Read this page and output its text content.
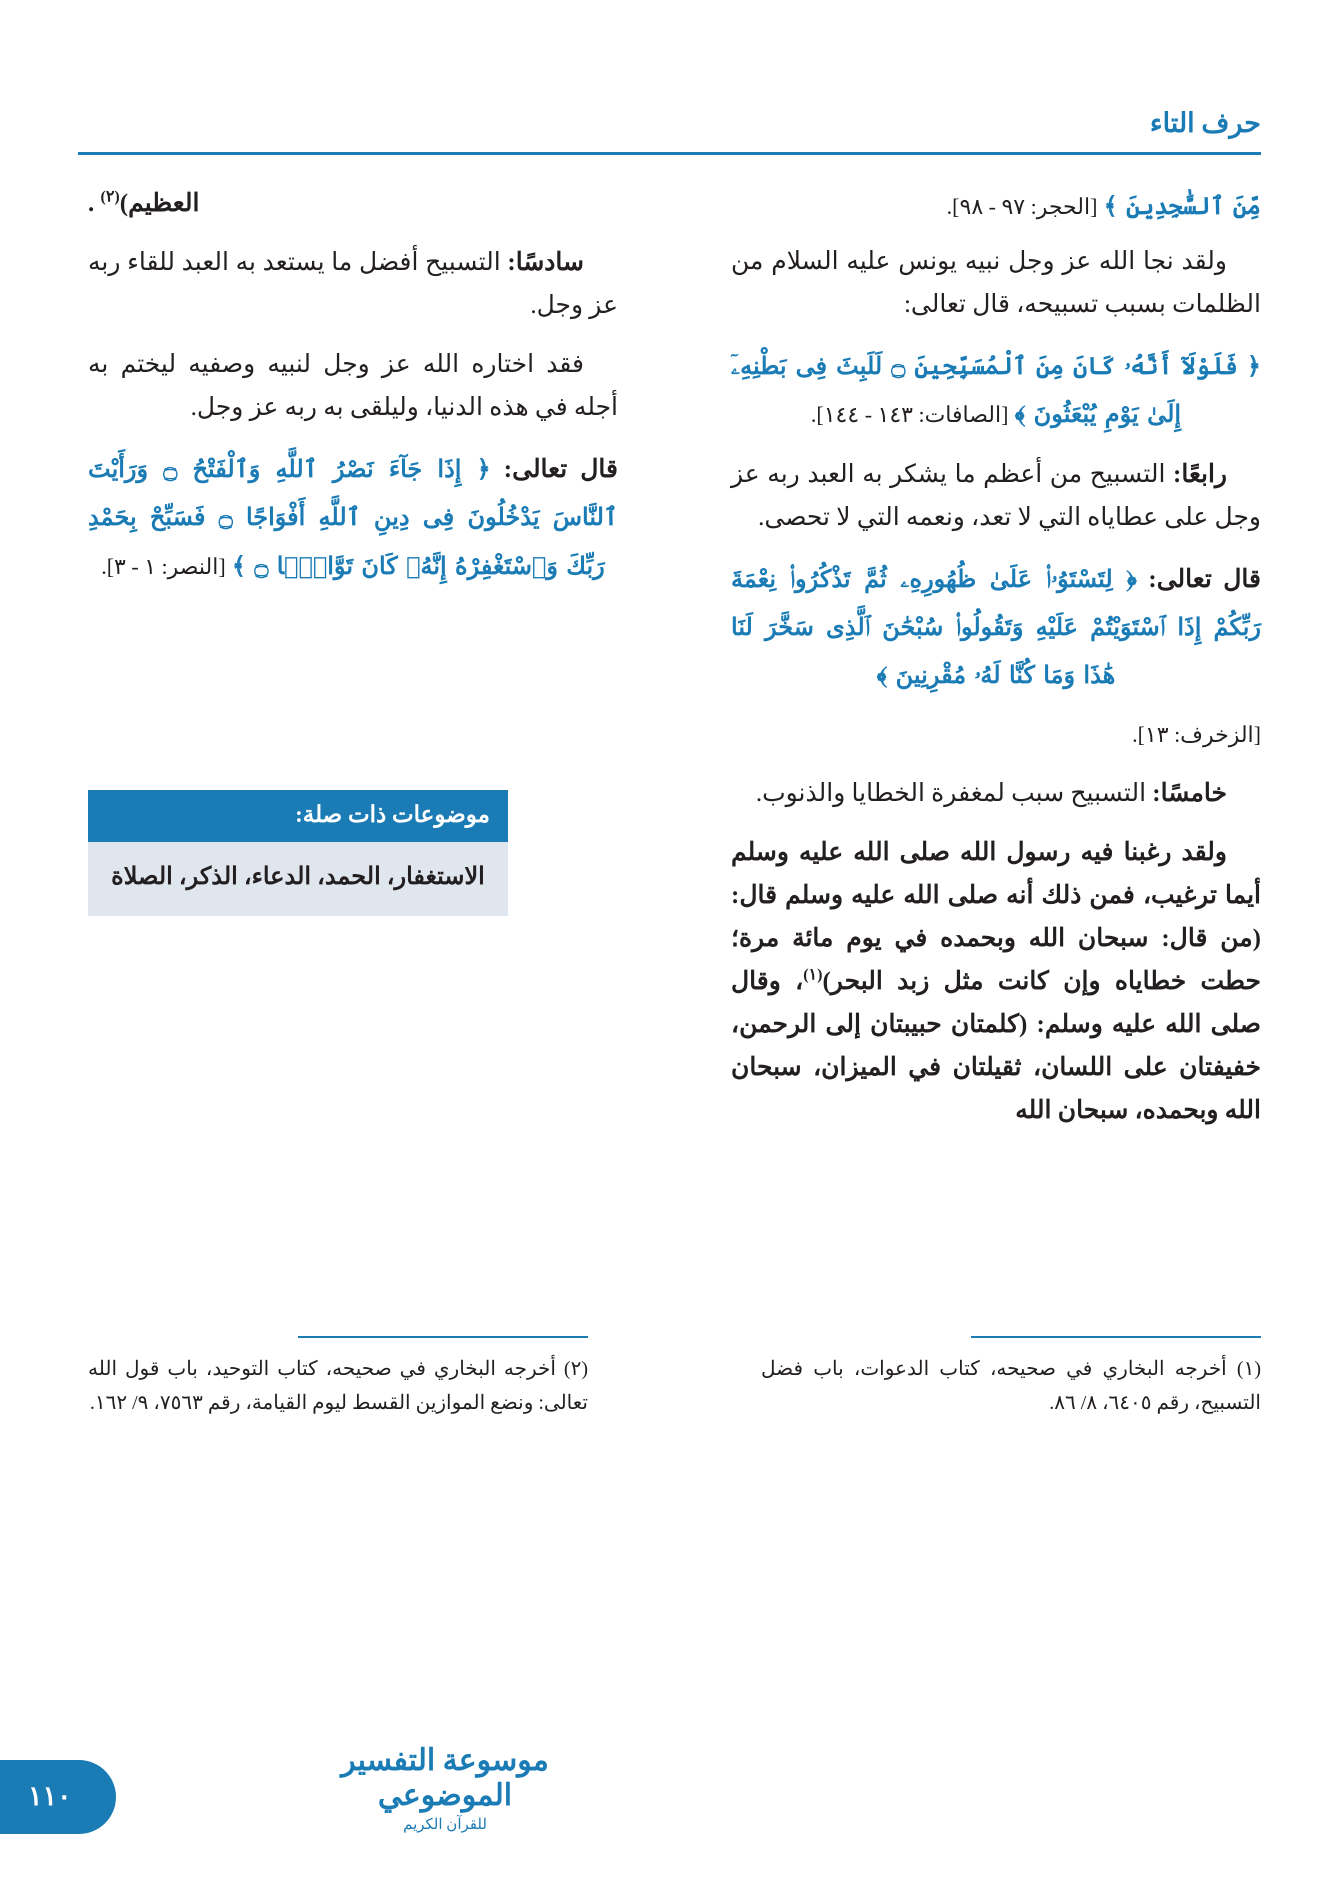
حرف التاء

مِّنَ ٱلسَّٰجِدِينَ ﴾ [الحجر: ٩٧ - ٩٨].

ولقد نجا الله عز وجل نبيه يونس عليه السلام من الظلمات بسبب تسبيحه، قال تعالى:

﴿ فَلَوْلَآ أَنَّهُۥ كَانَ مِنَ ٱلْمُسَبِّحِينَ ۝ لَلَبِثَ فِى بَطْنِهِۦٓ إِلَىٰ يَوْمِ يُبْعَثُونَ ﴾ [الصافات: ١٤٣ - ١٤٤].

رابعًا: التسبيح من أعظم ما يشكر به العبد ربه عز وجل على عطاياه التي لا تعد، ونعمه التي لا تحصى.

قال تعالى: ﴿ لِتَسْتَوُۥا۟ عَلَىٰ ظُهُورِهِۦ ثُمَّ تَذْكُرُوا۟ نِعْمَةَ رَبِّكُمْ إِذَا ٱسْتَوَيْتُمْ عَلَيْهِ وَتَقُولُوا۟ سُبْحَٰنَ ٱلَّذِى سَخَّرَ لَنَا هَٰذَا وَمَا كُنَّا لَهُۥ مُقْرِنِينَ ﴾

[الزخرف: ١٣].

خامسًا: التسبيح سبب لمغفرة الخطايا والذنوب.

ولقد رغبنا فيه رسول الله صلى الله عليه وسلم أيما ترغيب، فمن ذلك أنه صلى الله عليه وسلم قال: (من قال: سبحان الله وبحمده في يوم مائة مرة؛ حطت خطاياه وإن كانت مثل زبد البحر)$^{(١)}$، وقال صلى الله عليه وسلم: (كلمتان حبيبتان إلى الرحمن، خفيفتان على اللسان، ثقيلتان في الميزان، سبحان الله وبحمده، سبحان الله

العظيم)$^{(٢)}$ .

سادسًا: التسبيح أفضل ما يستعد به العبد للقاء ربه عز وجل.

فقد اختاره الله عز وجل لنبيه وصفيه ليختم به أجله في هذه الدنيا، وليلقى به ربه عز وجل.

قال تعالى: ﴿ إِذَا جَآءَ نَصْرُ ٱللَّهِ وَٱلْفَتْحُ ۝ وَرَأَيْتَ ٱلنَّاسَ يَدْخُلُونَ فِى دِينِ ٱللَّهِ أَفْوَاجًا ۝ فَسَبِّحْ بِحَمْدِ رَبِّكَ وَٱسْتَغْفِرْهُ إِنَّهُۥ كَانَ تَوَّابًۢا ۝ ﴾ [النصر: ١ - ٣].

موضوعات ذات صلة:
الاستغفار، الحمد، الدعاء، الذكر، الصلاة

(١) أخرجه البخاري في صحيحه، كتاب الدعوات، باب فضل التسبيح، رقم ٦٤٠٥، ٨/ ٨٦.

(٢) أخرجه البخاري في صحيحه، كتاب التوحيد، باب قول الله تعالى: ونضع الموازين القسط ليوم القيامة، رقم ٧٥٦٣، ٩/ ١٦٢.

١١٠
موسوعة التفسير الموضوعي
للقرآن الكريم
